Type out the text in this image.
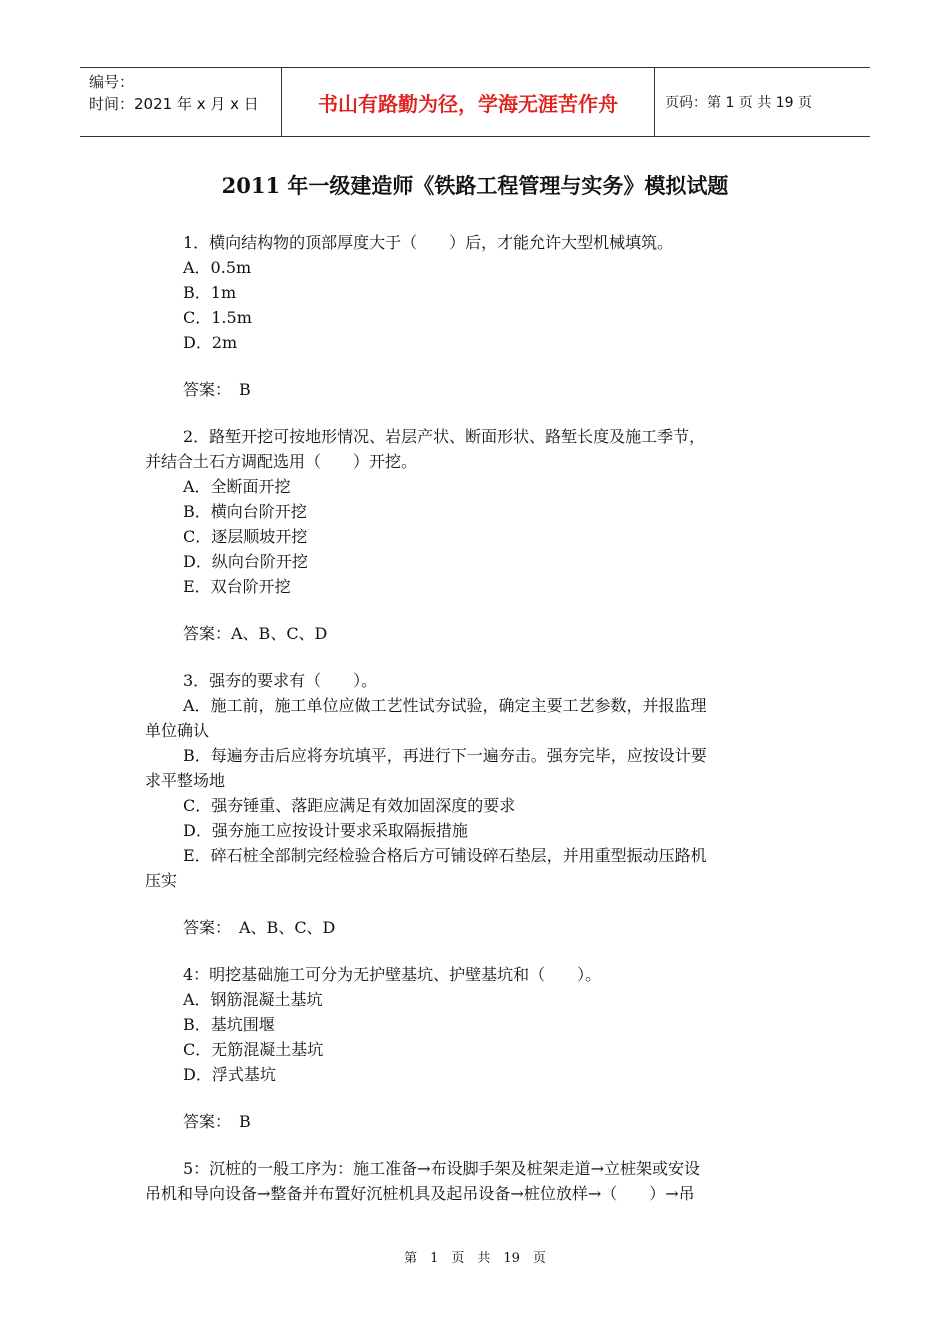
编号：
时间：2021 年 x 月 x 日	书山有路勤为径，学海无涯苦作舟	页码：第 1 页 共 19 页
2011 年一级建造师《铁路工程管理与实务》模拟试题

1．横向结构物的顶部厚度大于（　　）后，才能允许大型机械填筑。

A．0.5m

B．1m

C．1.5m

D．2m

答案：　B

2．路堑开挖可按地形情况、岩层产状、断面形状、路堑长度及施工季节，

并结合土石方调配选用（　　）开挖。

A．全断面开挖

B．横向台阶开挖

C．逐层顺坡开挖

D．纵向台阶开挖

E．双台阶开挖

答案：A、B、C、D

3．强夯的要求有（　　）。

A．施工前，施工单位应做工艺性试夯试验，确定主要工艺参数，并报监理

单位确认

B．每遍夯击后应将夯坑填平，再进行下一遍夯击。强夯完毕，应按设计要

求平整场地

C．强夯锤重、落距应满足有效加固深度的要求

D．强夯施工应按设计要求采取隔振措施

E．碎石桩全部制完经检验合格后方可铺设碎石垫层，并用重型振动压路机

压实

答案：　A、B、C、D

4：明挖基础施工可分为无护壁基坑、护壁基坑和（　　）。

A．钢筋混凝土基坑

B．基坑围堰

C．无筋混凝土基坑

D．浮式基坑

答案：　B

5：沉桩的一般工序为：施工准备→布设脚手架及桩架走道→立桩架或安设

吊机和导向设备→整备并布置好沉桩机具及起吊设备→桩位放样→（　　）→吊

第　1　页　共　19　页
